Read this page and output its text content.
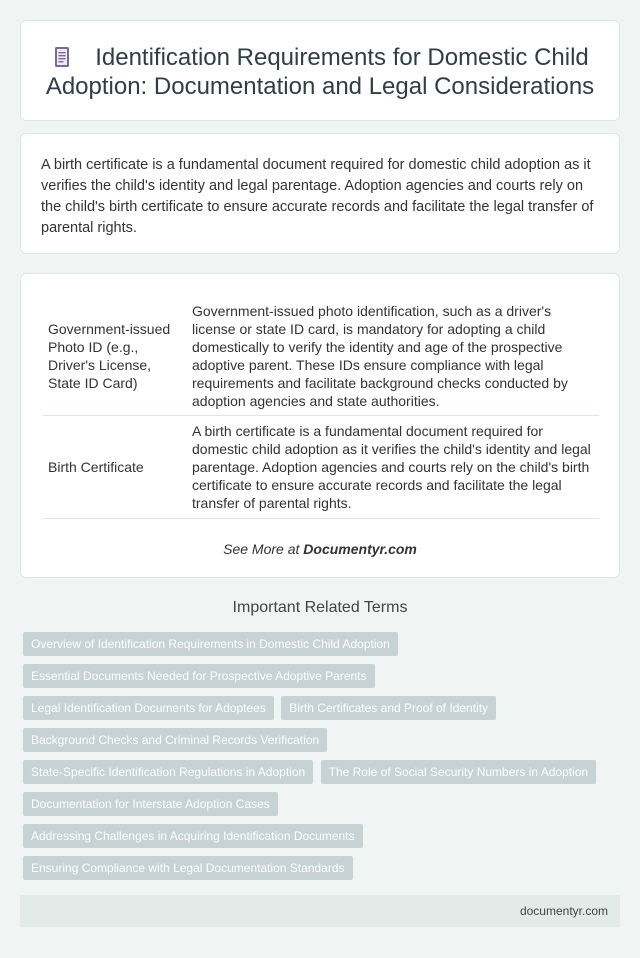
Identification Requirements for Domestic Child Adoption: Documentation and Legal Considerations

A birth certificate is a fundamental document required for domestic child adoption as it verifies the child's identity and legal parentage. Adoption agencies and courts rely on the child's birth certificate to ensure accurate records and facilitate the legal transfer of parental rights.

Government-issued Photo ID (e.g., Driver's License, State ID Card)	Government-issued photo identification, such as a driver's license or state ID card, is mandatory for adopting a child domestically to verify the identity and age of the prospective adoptive parent. These IDs ensure compliance with legal requirements and facilitate background checks conducted by adoption agencies and state authorities.
Birth Certificate	A birth certificate is a fundamental document required for domestic child adoption as it verifies the child's identity and legal parentage. Adoption agencies and courts rely on the child's birth certificate to ensure accurate records and facilitate the legal transfer of parental rights.
See More at Documentyr.com
Important Related Terms
Overview of Identification Requirements in Domestic Child Adoption
Essential Documents Needed for Prospective Adoptive Parents
Legal Identification Documents for Adoptees Birth Certificates and Proof of Identity
Background Checks and Criminal Records Verification
State-Specific Identification Regulations in Adoption The Role of Social Security Numbers in Adoption
Documentation for Interstate Adoption Cases
Addressing Challenges in Acquiring Identification Documents
Ensuring Compliance with Legal Documentation Standards
documentyr.com
